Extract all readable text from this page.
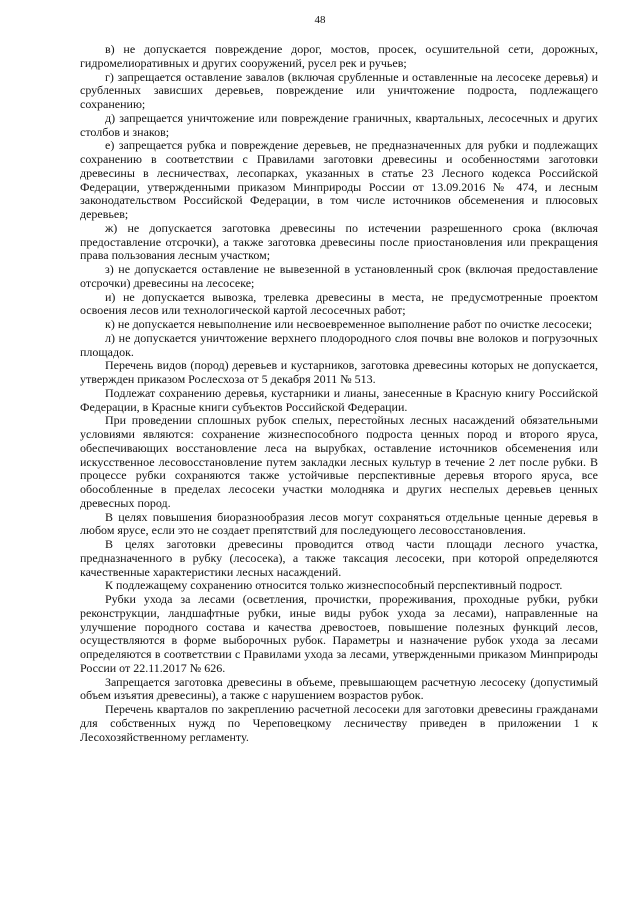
48

в) не допускается повреждение дорог, мостов, просек, осушительной сети, дорожных, гидромелиоративных и других сооружений, русел рек и ручьев;

г) запрещается оставление завалов (включая срубленные и оставленные на лесосеке деревья) и срубленных зависших деревьев, повреждение или уничтожение подроста, подлежащего сохранению;

д) запрещается уничтожение или повреждение граничных, квартальных, лесосечных и других столбов и знаков;

е) запрещается рубка и повреждение деревьев, не предназначенных для рубки и подлежащих сохранению в соответствии с Правилами заготовки древесины и особенностями заготовки древесины в лесничествах, лесопарках, указанных в статье 23 Лесного кодекса Российской Федерации, утвержденными приказом Минприроды России от 13.09.2016 № 474, и лесным законодательством Российской Федерации, в том числе источников обсеменения и плюсовых деревьев;

ж) не допускается заготовка древесины по истечении разрешенного срока (включая предоставление отсрочки), а также заготовка древесины после приостановления или прекращения права пользования лесным участком;

з) не допускается оставление не вывезенной в установленный срок (включая предоставление отсрочки) древесины на лесосеке;

и) не допускается вывозка, трелевка древесины в места, не предусмотренные проектом освоения лесов или технологической картой лесосечных работ;

к) не допускается невыполнение или несвоевременное выполнение работ по очистке лесосеки;

л) не допускается уничтожение верхнего плодородного слоя почвы вне волоков и погрузочных площадок.

Перечень видов (пород) деревьев и кустарников, заготовка древесины которых не допускается, утвержден приказом Рослесхоза от 5 декабря 2011 № 513.

Подлежат сохранению деревья, кустарники и лианы, занесенные в Красную книгу Российской Федерации, в Красные книги субъектов Российской Федерации.

При проведении сплошных рубок спелых, перестойных лесных насаждений обязательными условиями являются: сохранение жизнеспособного подроста ценных пород и второго яруса, обеспечивающих восстановление леса на вырубках, оставление источников обсеменения или искусственное лесовосстановление путем закладки лесных культур в течение 2 лет после рубки. В процессе рубки сохраняются также устойчивые перспективные деревья второго яруса, все обособленные в пределах лесосеки участки молодняка и других неспелых деревьев ценных древесных пород.

В целях повышения биоразнообразия лесов могут сохраняться отдельные ценные деревья в любом ярусе, если это не создает препятствий для последующего лесовосстановления.

В целях заготовки древесины проводится отвод части площади лесного участка, предназначенного в рубку (лесосека), а также таксация лесосеки, при которой определяются качественные характеристики лесных насаждений.

К подлежащему сохранению относится только жизнеспособный перспективный подрост.

Рубки ухода за лесами (осветления, прочистки, прореживания, проходные рубки, рубки реконструкции, ландшафтные рубки, иные виды рубок ухода за лесами), направленные на улучшение породного состава и качества древостоев, повышение полезных функций лесов, осуществляются в форме выборочных рубок. Параметры и назначение рубок ухода за лесами определяются в соответствии с Правилами ухода за лесами, утвержденными приказом Минприроды России от 22.11.2017 № 626.

Запрещается заготовка древесины в объеме, превышающем расчетную лесосеку (допустимый объем изъятия древесины), а также с нарушением возрастов рубок.

Перечень кварталов по закреплению расчетной лесосеки для заготовки древесины гражданами для собственных нужд по Череповецкому лесничеству приведен в приложении 1 к Лесохозяйственному регламенту.
